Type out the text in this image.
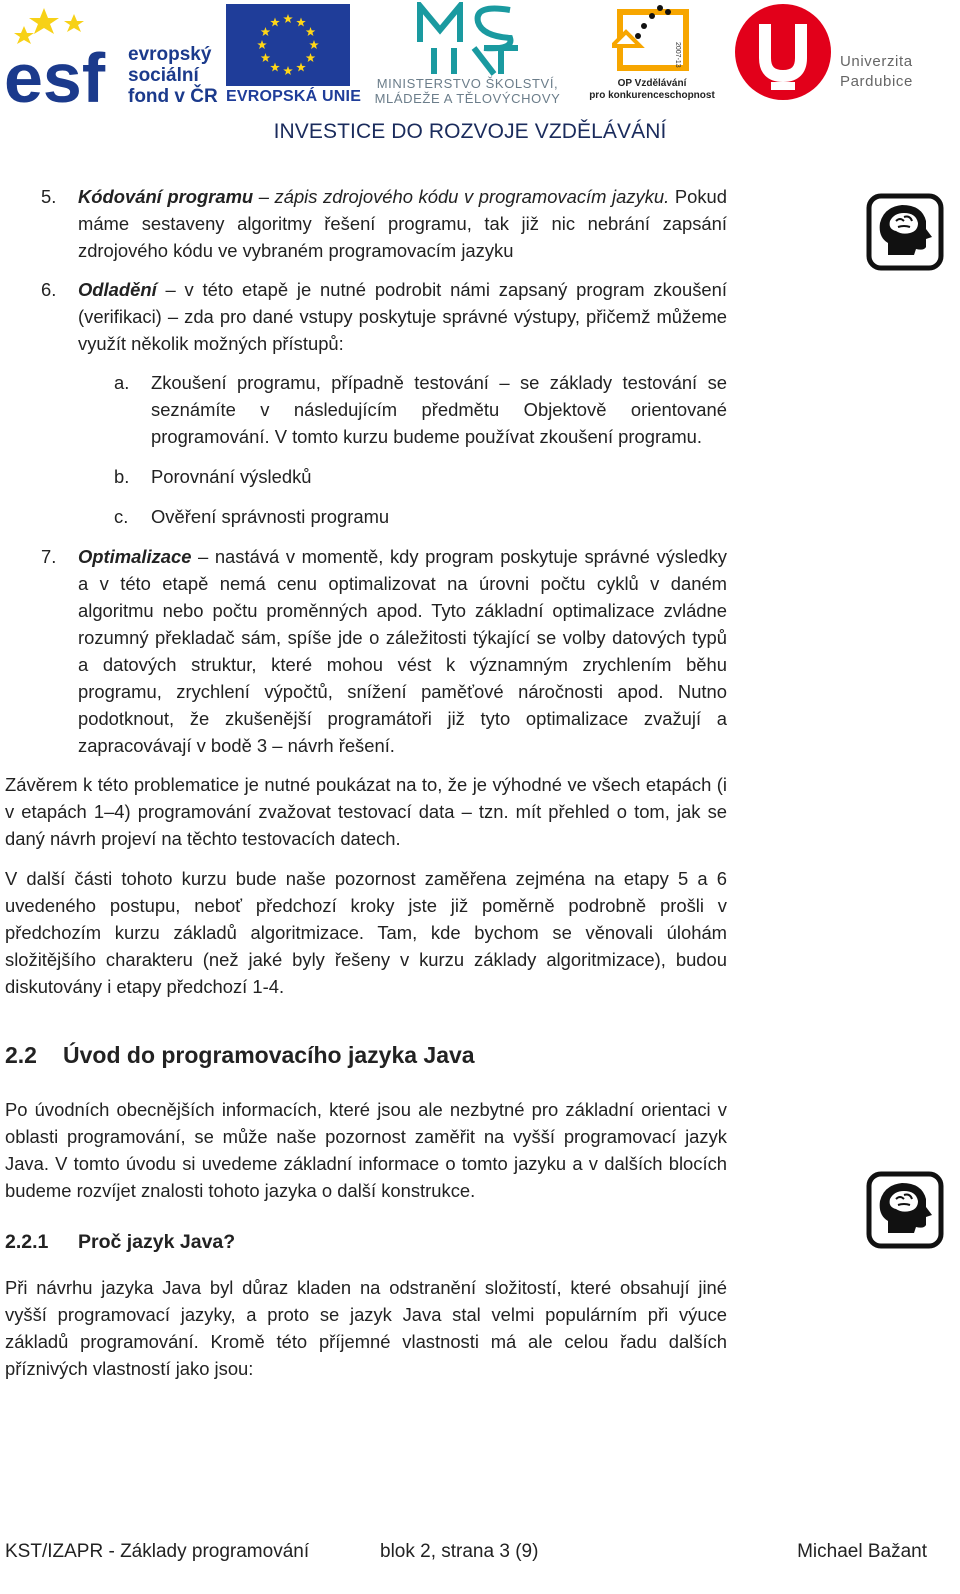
esf evropský
sociální
fond v ČR EVROPSKÁ UNIE
MINISTERSTVO ŠKOLSTVÍ,
MLÁDEŽE A TĚLOVÝCHOVY
2007-13
OP Vzdělávání
pro konkurenceschopnost
Univerzita
Pardubice
INVESTICE DO ROZVOJE VZDĚLÁVÁNÍ
5. Kódování programu – zápis zdrojového kódu v programovacím jazyku. Pokud máme sestaveny algoritmy řešení programu, tak již nic nebrání zapsání zdrojového kódu ve vybraném programovacím jazyku
6. Odladění – v této etapě je nutné podrobit námi zapsaný program zkoušení (verifikaci) – zda pro dané vstupy poskytuje správné výstupy, přičemž můžeme využít několik možných přístupů:
a. Zkoušení programu, případně testování – se základy testování se seznámíte v následujícím předmětu Objektově orientované programování. V tomto kurzu budeme používat zkoušení programu.
b. Porovnání výsledků
c. Ověření správnosti programu
7. Optimalizace – nastává v momentě, kdy program poskytuje správné výsledky a v této etapě nemá cenu optimalizovat na úrovni počtu cyklů v daném algoritmu nebo počtu proměnných apod. Tyto základní optimalizace zvládne rozumný překladač sám, spíše jde o záležitosti týkající se volby datových typů a datových struktur, které mohou vést k významným zrychlením běhu programu, zrychlení výpočtů, snížení paměťové náročnosti apod. Nutno podotknout, že zkušenější programátoři již tyto optimalizace zvažují a zapracovávají v bodě 3 – návrh řešení.

Závěrem k této problematice je nutné poukázat na to, že je výhodné ve všech etapách (i v etapách 1–4) programování zvažovat testovací data – tzn. mít přehled o tom, jak se daný návrh projeví na těchto testovacích datech.

V další části tohoto kurzu bude naše pozornost zaměřena zejména na etapy 5 a 6 uvedeného postupu, neboť předchozí kroky jste již poměrně podrobně prošli v předchozím kurzu základů algoritmizace. Tam, kde bychom se věnovali úlohám složitějšího charakteru (než jaké byly řešeny v kurzu základy algoritmizace), budou diskutovány i etapy předchozí 1-4.

2.2 Úvod do programovacího jazyka Java

Po úvodních obecnějších informacích, které jsou ale nezbytné pro základní orientaci v oblasti programování, se může naše pozornost zaměřit na vyšší programovací jazyk Java. V tomto úvodu si uvedeme základní informace o tomto jazyku a v dalších blocích budeme rozvíjet znalosti tohoto jazyka o další konstrukce.

2.2.1 Proč jazyk Java?

Při návrhu jazyka Java byl důraz kladen na odstranění složitostí, které obsahují jiné vyšší programovací jazyky, a proto se jazyk Java stal velmi populárním při výuce základů programování. Kromě této příjemné vlastnosti má ale celou řadu dalších příznivých vlastností jako jsou:

KST/IZAPR - Základy programování	blok 2, strana 3 (9)	Michael Bažant
